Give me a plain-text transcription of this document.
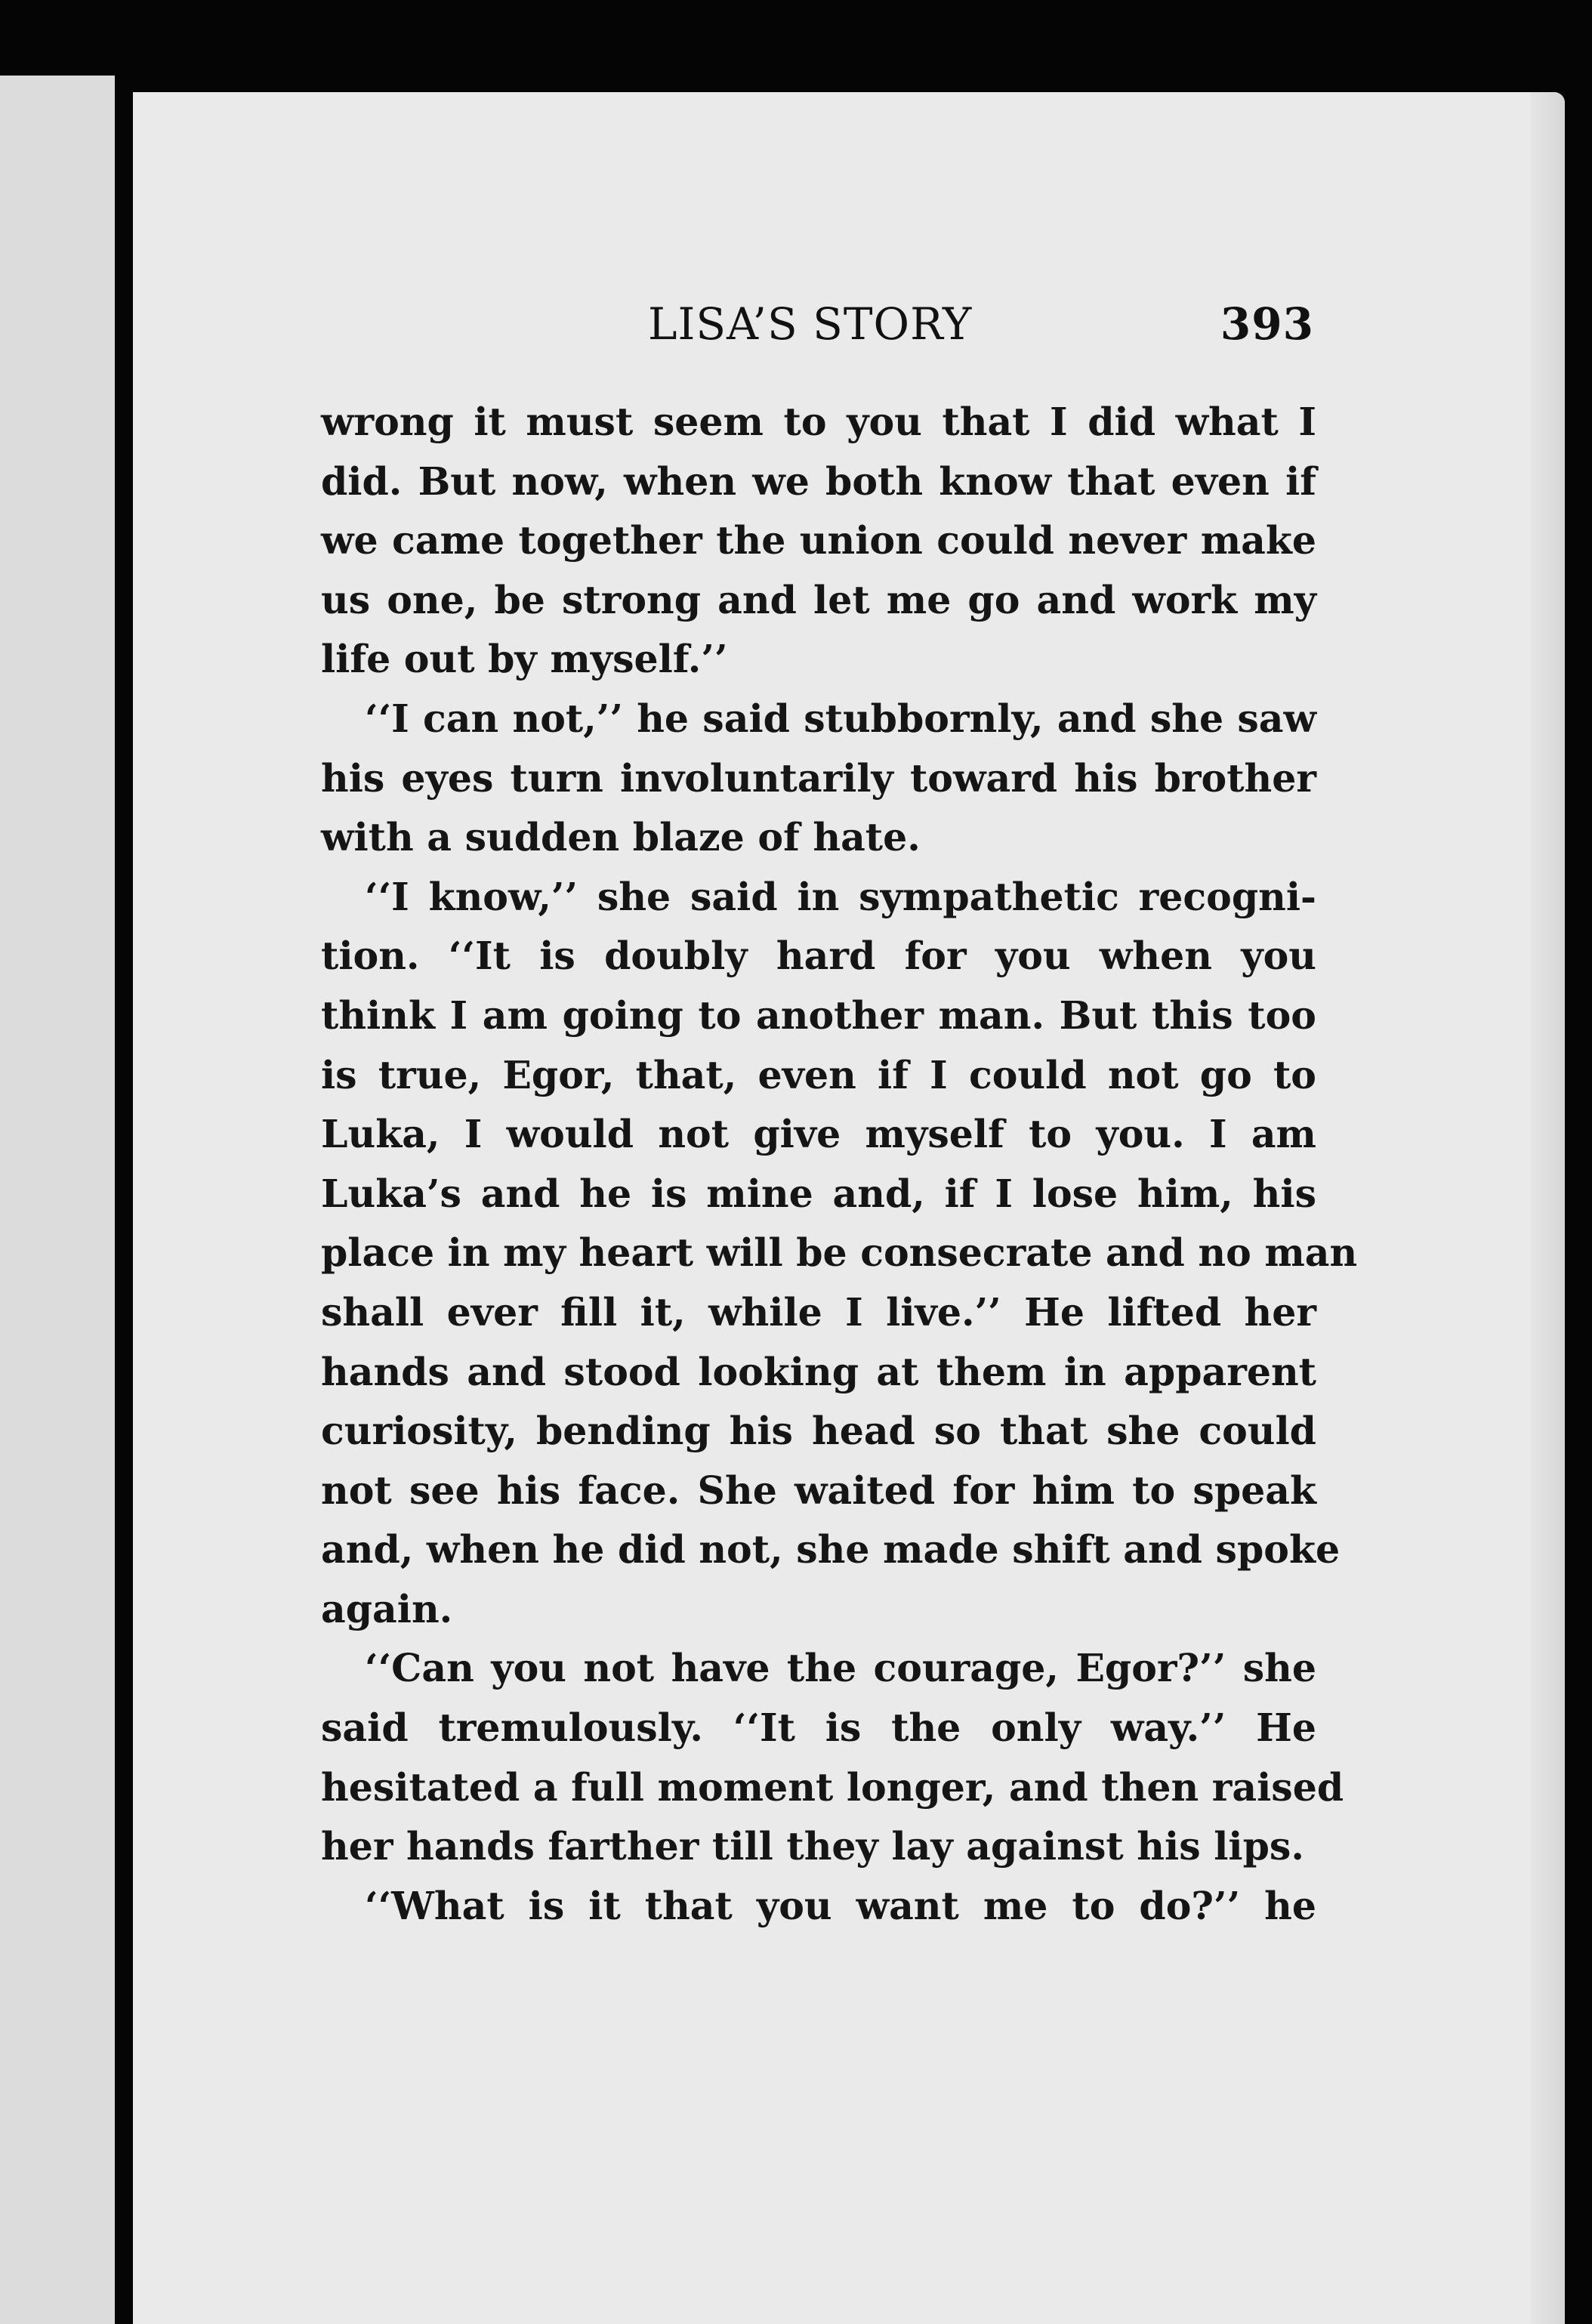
LISA’S STORY	393
wrong it must seem to you that I did what I
did. But now, when we both know that even if
we came together the union could never make
us one, be strong and let me go and work my
life out by myself.’’
‘‘I can not,’’ he said stubbornly, and she saw
his eyes turn involuntarily toward his brother
with a sudden blaze of hate.
‘‘I know,’’ she said in sympathetic recogni-
tion. ‘‘It is doubly hard for you when you
think I am going to another man. But this too
is true, Egor, that, even if I could not go to
Luka, I would not give myself to you. I am
Luka’s and he is mine and, if I lose him, his
place in my heart will be consecrate and no man
shall ever fill it, while I live.’’ He lifted her
hands and stood looking at them in apparent
curiosity, bending his head so that she could
not see his face. She waited for him to speak
and, when he did not, she made shift and spoke
again.
‘‘Can you not have the courage, Egor?’’ she
said tremulously. ‘‘It is the only way.’’ He
hesitated a full moment longer, and then raised
her hands farther till they lay against his lips.
‘‘What is it that you want me to do?’’ he
